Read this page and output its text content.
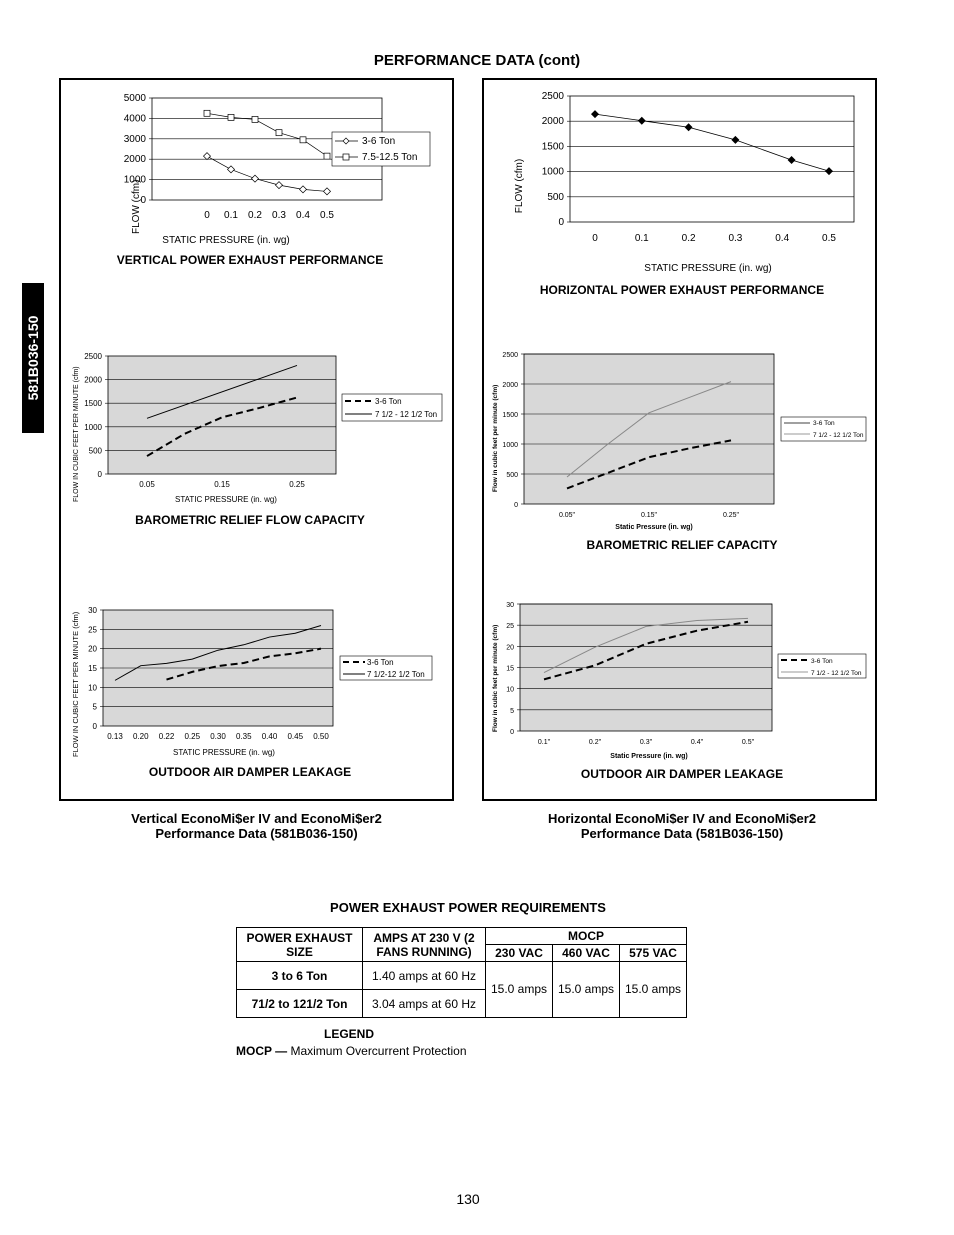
PERFORMANCE DATA (cont)
581B036-150
0
1000
2000
3000
4000
5000
0 0.1 0.2 0.3 0.4 0.5
FLOW (cfm)
STATIC PRESSURE (in. wg)
3-6 Ton
7.5-12.5 Ton
VERTICAL POWER EXHAUST PERFORMANCE
0
500
1000
1500
2000
2500
0.05	0.15	0.25
FLOW IN CUBIC FEET PER MINUTE (cfm)	STATIC PRESSURE (in. wg)
3-6 Ton
7 1/2 - 12 1/2 Ton
BAROMETRIC RELIEF FLOW CAPACITY
0
5
10
15
20
25
30
0.13 0.20 0.22 0.25 0.30 0.35 0.40 0.45 0.50
FLOW IN CUBIC FEET PER MINUTE (cfm)	STATIC PRESSURE (in. wg)
3-6 Ton
7 1/2-12 1/2 Ton
OUTDOOR AIR DAMPER LEAKAGE
0
500
1000
1500
2000
2500
0	0.1	0.2	0.3	0.4	0.5
FLOW (cfm)
STATIC PRESSURE (in. wg)
HORIZONTAL POWER EXHAUST PERFORMANCE
0
500
1000
1500
2000
2500
0.05"	0.15"	0.25"
Flow in cubic feet per minute (cfm)
Static Pressure (in. wg)
3-6 Ton
7 1/2 - 12 1/2 Ton
BAROMETRIC RELIEF CAPACITY
0
5
10
15
20
25
30
0.1"	0.2"	0.3"	0.4"	0.5"
Flow in cubic feet per minute (cfm)
Static Pressure (in. wg)
3-6 Ton
7 1/2 - 12 1/2 Ton
OUTDOOR AIR DAMPER LEAKAGE
Vertical EconoMi$er IV and EconoMi$er2
Performance Data (581B036-150)
Horizontal EconoMi$er IV and EconoMi$er2
Performance Data (581B036-150)
POWER EXHAUST POWER REQUIREMENTS
POWER EXHAUST SIZE	AMPS AT 230 V (2 FANS RUNNING)	MOCP		
		230 VAC	460 VAC	575 VAC
3 to 6 Ton	1.40 amps at 60 Hz	15.0 amps	15.0 amps	15.0 amps
71/2 to 121/2 Ton	3.04 amps at 60 Hz			
LEGEND
MOCP — Maximum Overcurrent Protection
130
